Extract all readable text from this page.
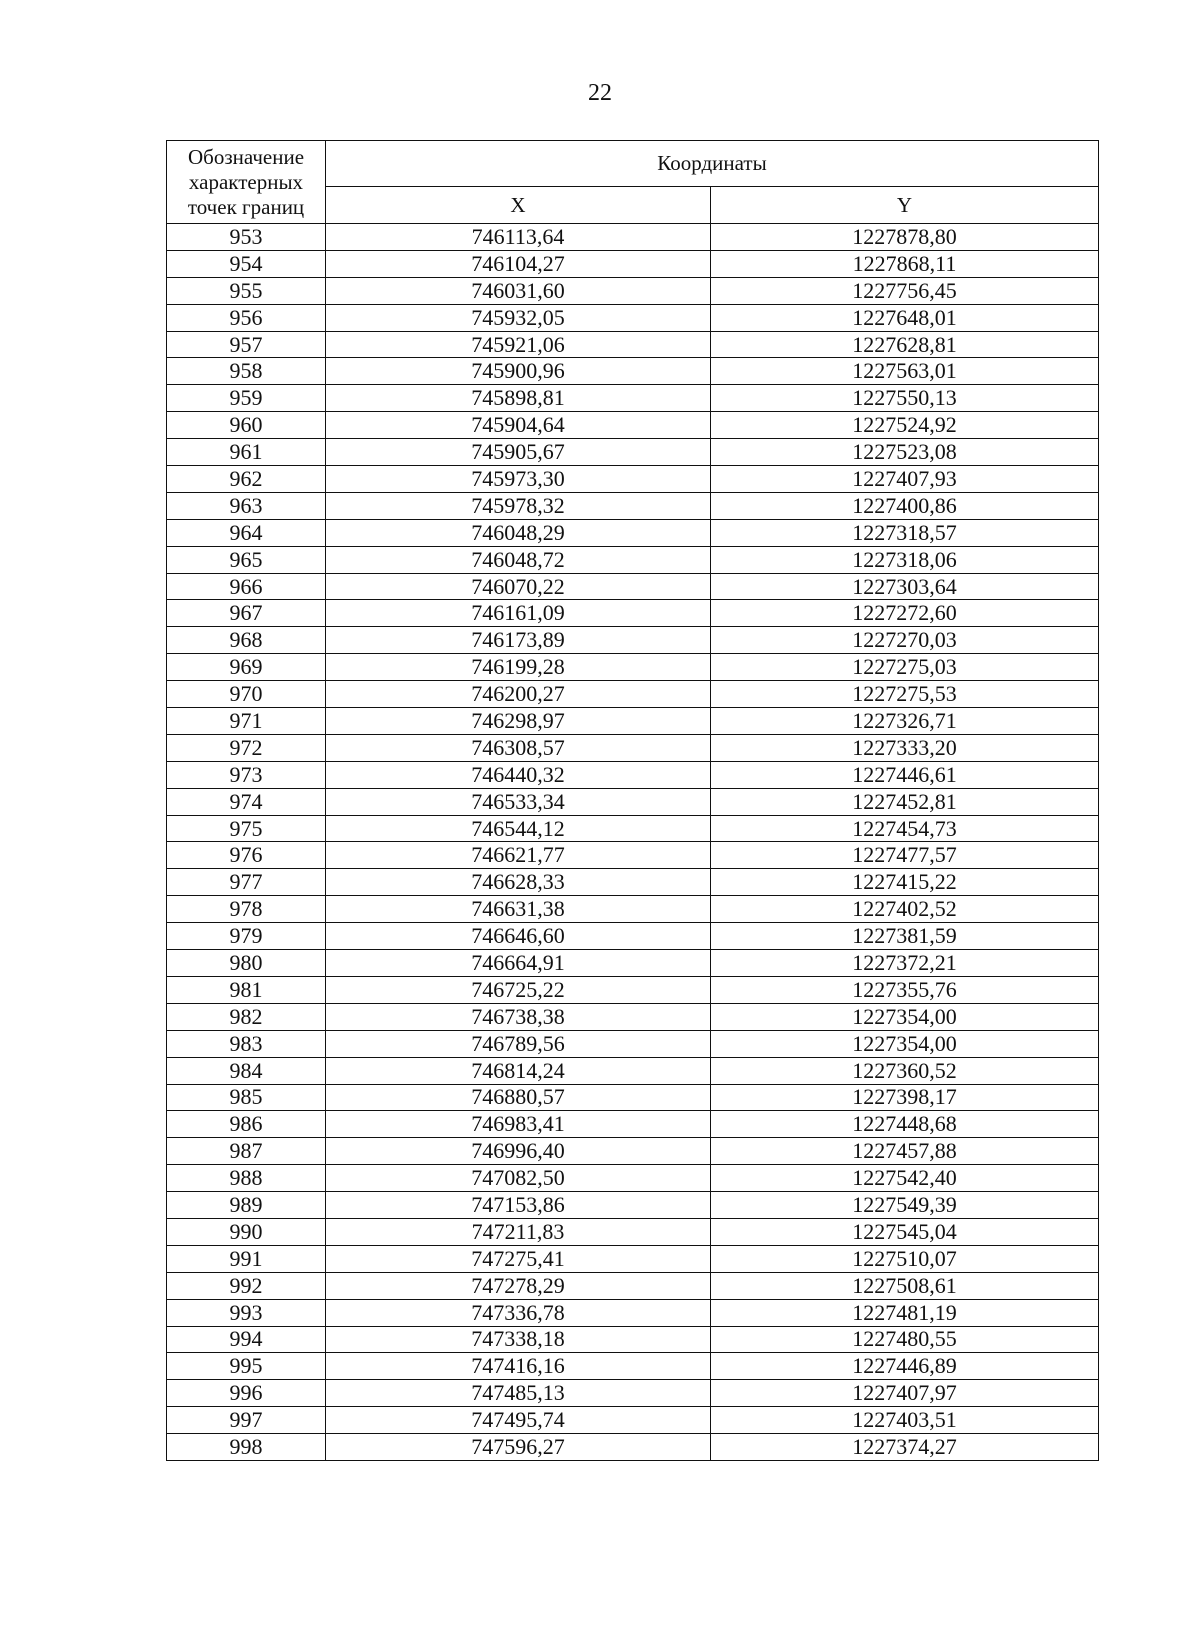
22
Обозначение характерных точек границ	Координаты	
	X	Y
953	746113,64	1227878,80
954	746104,27	1227868,11
955	746031,60	1227756,45
956	745932,05	1227648,01
957	745921,06	1227628,81
958	745900,96	1227563,01
959	745898,81	1227550,13
960	745904,64	1227524,92
961	745905,67	1227523,08
962	745973,30	1227407,93
963	745978,32	1227400,86
964	746048,29	1227318,57
965	746048,72	1227318,06
966	746070,22	1227303,64
967	746161,09	1227272,60
968	746173,89	1227270,03
969	746199,28	1227275,03
970	746200,27	1227275,53
971	746298,97	1227326,71
972	746308,57	1227333,20
973	746440,32	1227446,61
974	746533,34	1227452,81
975	746544,12	1227454,73
976	746621,77	1227477,57
977	746628,33	1227415,22
978	746631,38	1227402,52
979	746646,60	1227381,59
980	746664,91	1227372,21
981	746725,22	1227355,76
982	746738,38	1227354,00
983	746789,56	1227354,00
984	746814,24	1227360,52
985	746880,57	1227398,17
986	746983,41	1227448,68
987	746996,40	1227457,88
988	747082,50	1227542,40
989	747153,86	1227549,39
990	747211,83	1227545,04
991	747275,41	1227510,07
992	747278,29	1227508,61
993	747336,78	1227481,19
994	747338,18	1227480,55
995	747416,16	1227446,89
996	747485,13	1227407,97
997	747495,74	1227403,51
998	747596,27	1227374,27
